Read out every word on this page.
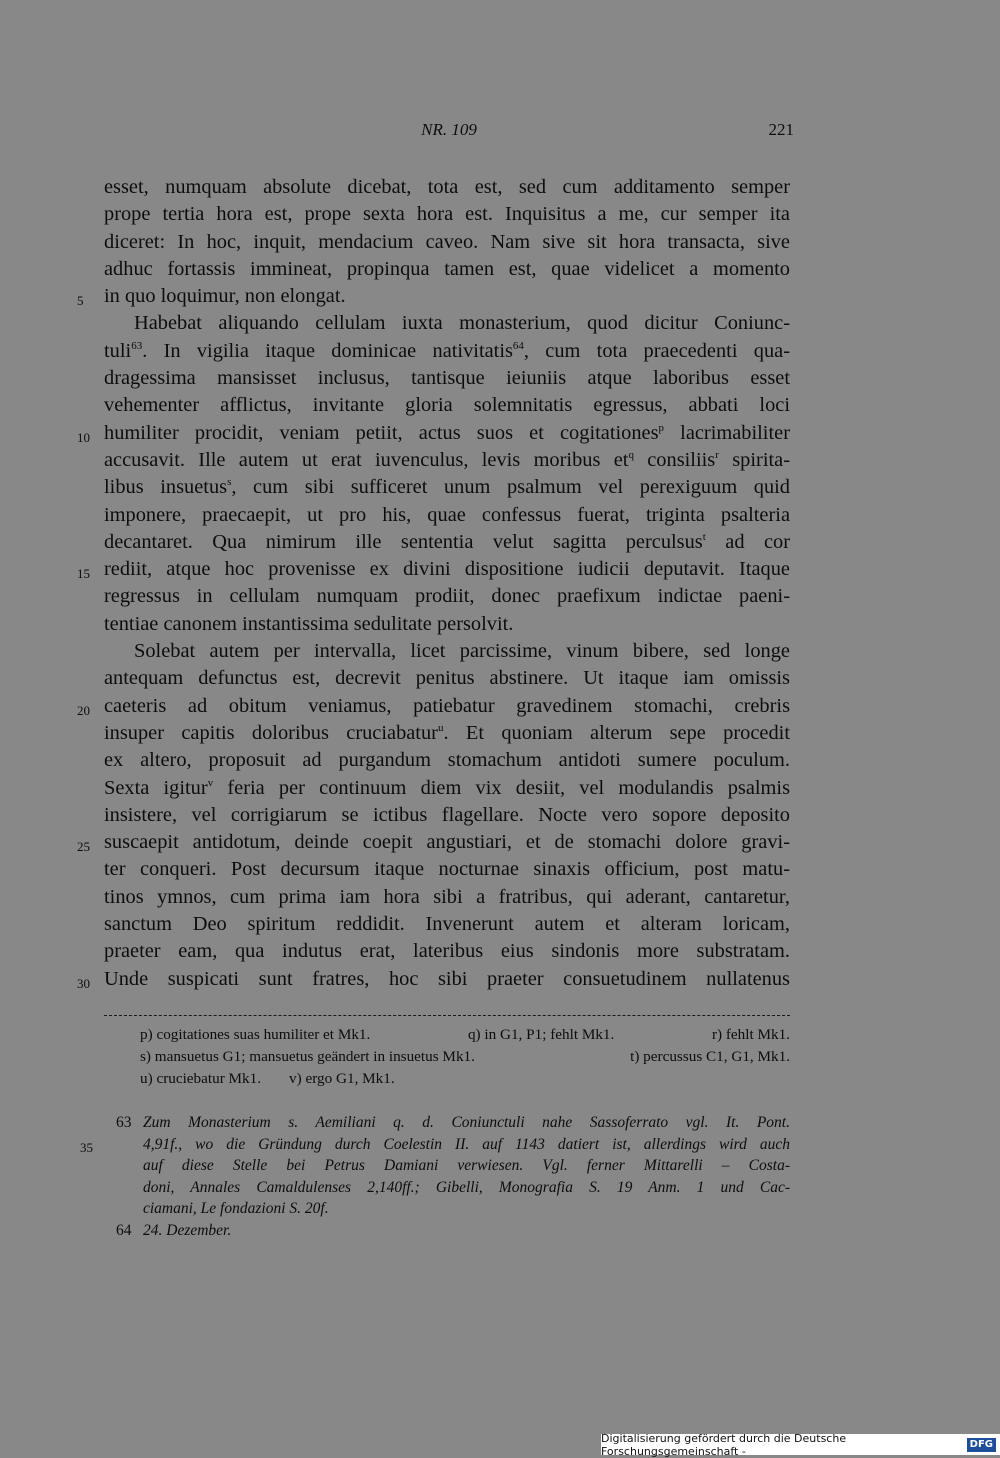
NR. 109	221
esset, numquam absolute dicebat, tota est, sed cum additamento semper
prope tertia hora est, prope sexta hora est. Inquisitus a me, cur semper ita
diceret: In hoc, inquit, mendacium caveo. Nam sive sit hora transacta, sive
adhuc fortassis immineat, propinqua tamen est, quae videlicet a momento
5	in quo loquimur, non elongat.
Habebat aliquando cellulam iuxta monasterium, quod dicitur Coniunc-
tuli$^{63}$. In vigilia itaque dominicae nativitatis$^{64}$, cum tota praecedenti qua-
dragessima mansisset inclusus, tantisque ieiuniis atque laboribus esset
vehementer afflictus, invitante gloria solemnitatis egressus, abbati loci
10 humiliter procidit, veniam petiit, actus suos et cogitationes$^p$ lacrimabiliter
accusavit. Ille autem ut erat iuvenculus, levis moribus $et^q$ consiliis$^r$ spirita-
libus insuetus$^s$, cum sibi sufficeret unum psalmum vel perexiguum quid
imponere, praecaepit, ut pro his, quae confessus fuerat, triginta psalteria
decantaret. Qua nimirum ille sententia velut sagitta perculsus$^t$ ad cor
15 rediit, atque hoc provenisse ex divini dispositione iudicii deputavit. Itaque
regressus in cellulam numquam prodiit, donec praefixum indictae paeni-
tentiae canonem instantissima sedulitate persolvit.
Solebat autem per intervalla, licet parcissime, vinum bibere, sed longe
antequam defunctus est, decrevit penitus abstinere. Ut itaque iam omissis
20 caeteris ad obitum veniamus, patiebatur gravedinem stomachi, crebris
insuper capitis doloribus cruciabatur$^u$. Et quoniam alterum sepe procedit
ex altero, proposuit ad purgandum stomachum antidoti sumere poculum.
Sexta igitur$^v$ feria per continuum diem vix desiit, vel modulandis psalmis
insistere, vel corrigiarum se ictibus flagellare. Nocte vero sopore deposito
25 suscaepit antidotum, deinde coepit angustiari, et de stomachi dolore gravi-
ter conqueri. Post decursum itaque nocturnae sinaxis officium, post matu-
tinos ymnos, cum prima iam hora sibi a fratribus, qui aderant, cantaretur,
sanctum Deo spiritum reddidit. Invenerunt autem et alteram loricam,
praeter eam, qua indutus erat, lateribus eius sindonis more substratam.
30 Unde suspicati sunt fratres, hoc sibi praeter consuetudinem nullatenus
p) cogitationes suas humiliter et Mk1.	q) in G1, P1; fehlt Mk1.	r) fehlt Mk1.
s) mansuetus G1; mansuetus geändert in insuetus Mk1.	t) percussus C1, G1, Mk1.
u) cruciebatur Mk1. v) ergo G1, Mk1.
35
63 Zum Monasterium s. Aemiliani q. d. Coniunctuli nahe Sassoferrato vgl. It. Pont.
4,91f., wo die Gründung durch Coelestin II. auf 1143 datiert ist, allerdings wird auch
auf diese Stelle bei Petrus Damiani verwiesen. Vgl. ferner Mittarelli – Costa-
doni, Annales Camaldulenses 2,140ff.; Gibelli, Monografia S. 19 Anm. 1 und Cac-
ciamani, Le fondazioni S. 20f.
64 24. Dezember.
Digitalisierung gefördert durch die Deutsche Forschungsgemeinschaft -
DFG
